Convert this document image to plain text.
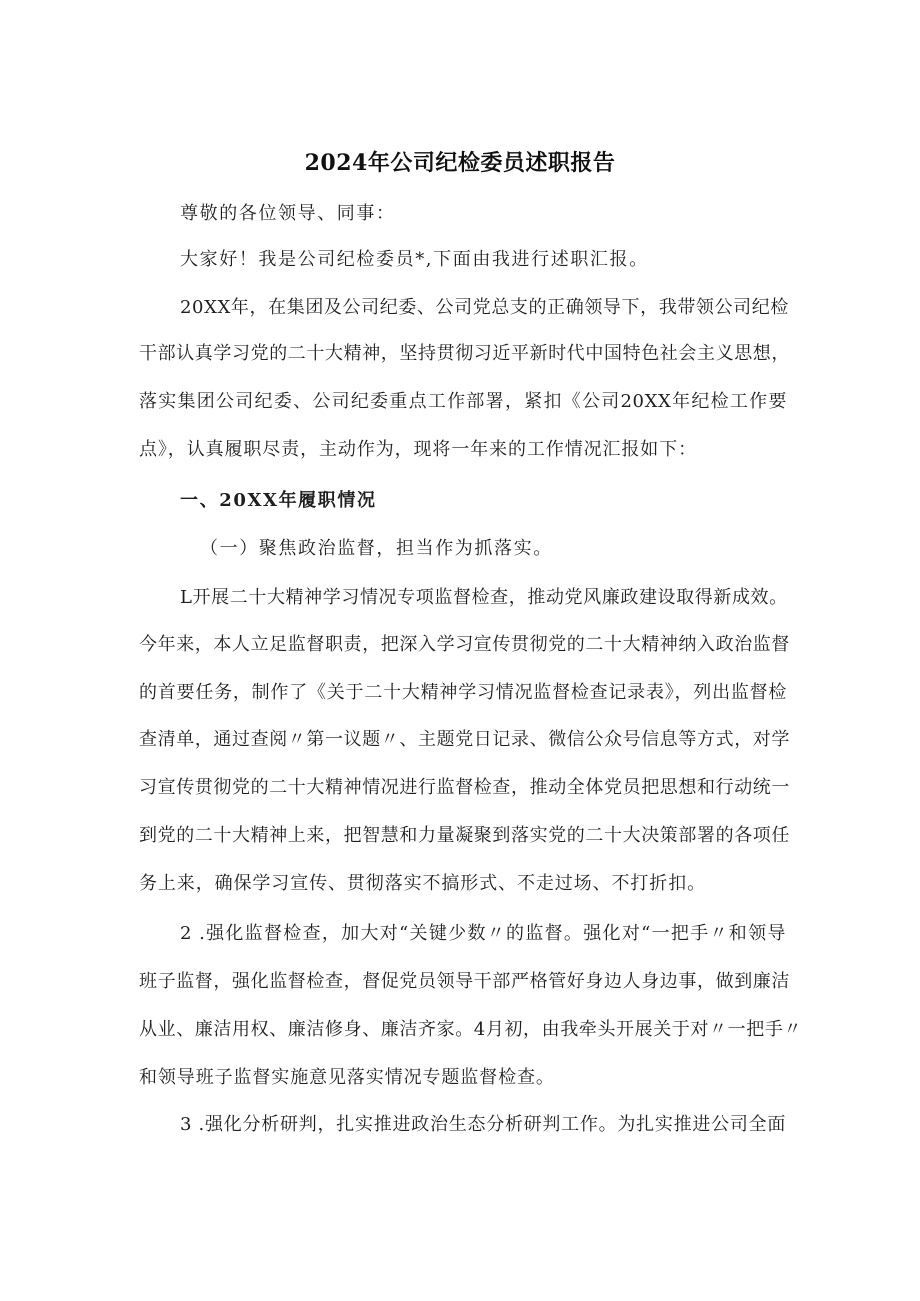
2024年公司纪检委员述职报告
尊敬的各位领导、同事：
大家好！我是公司纪检委员*,下面由我进行述职汇报。
20XX年，在集团及公司纪委、公司党总支的正确领导下，我带领公司纪检
干部认真学习党的二十大精神，坚持贯彻习近平新时代中国特色社会主义思想，
落实集团公司纪委、公司纪委重点工作部署，紧扣《公司20XX年纪检工作要
点》，认真履职尽责，主动作为，现将一年来的工作情况汇报如下：
一、20XX年履职情况
（一）聚焦政治监督，担当作为抓落实。
L开展二十大精神学习情况专项监督检查，推动党风廉政建设取得新成效。
今年来，本人立足监督职责，把深入学习宣传贯彻党的二十大精神纳入政治监督
的首要任务，制作了《关于二十大精神学习情况监督检查记录表》，列出监督检
查清单，通过查阅〃第一议题〃、主题党日记录、微信公众号信息等方式，对学
习宣传贯彻党的二十大精神情况进行监督检查，推动全体党员把思想和行动统一
到党的二十大精神上来，把智慧和力量凝聚到落实党的二十大决策部署的各项任
务上来，确保学习宣传、贯彻落实不搞形式、不走过场、不打折扣。
2 .强化监督检查，加大对“关键少数〃的监督。强化对“一把手〃和领导
班子监督，强化监督检查，督促党员领导干部严格管好身边人身边事，做到廉洁
从业、廉洁用权、廉洁修身、廉洁齐家。4月初，由我牵头开展关于对〃一把手〃
和领导班子监督实施意见落实情况专题监督检查。
3 .强化分析研判，扎实推进政治生态分析研判工作。为扎实推进公司全面
